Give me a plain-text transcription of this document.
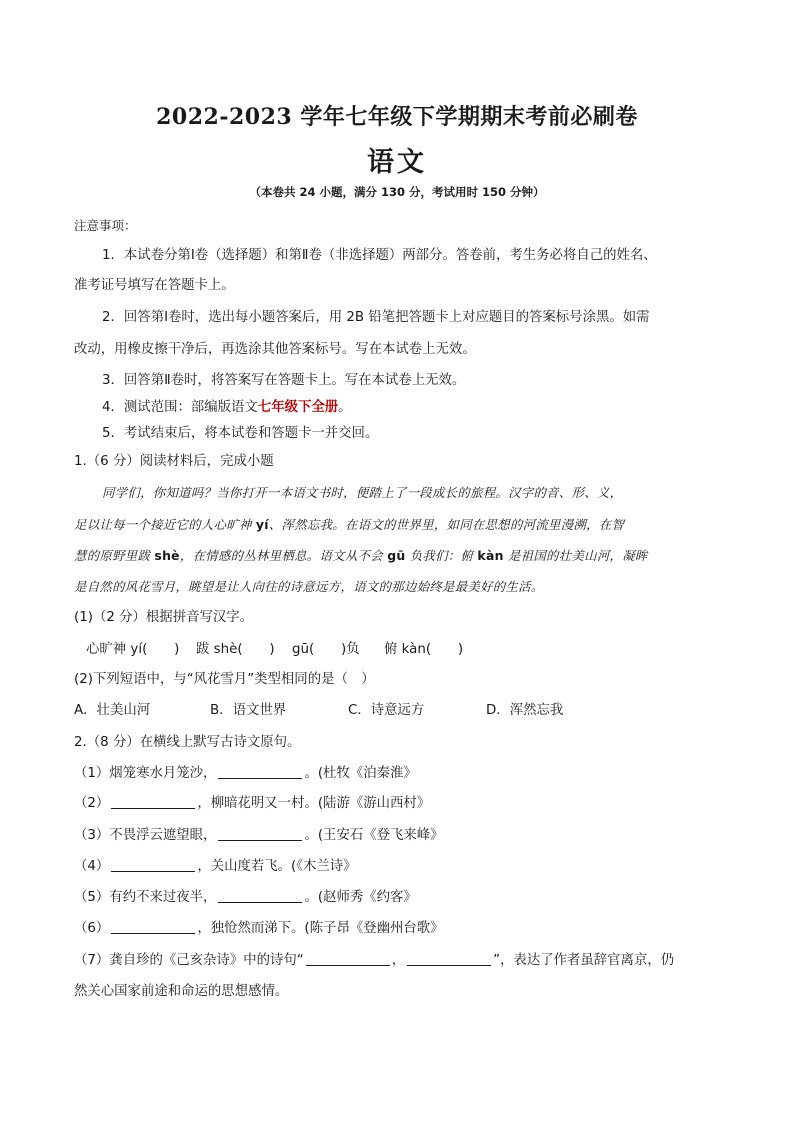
2022-2023 学年七年级下学期期末考前必刷卷
语文
（本卷共 24 小题，满分 130 分，考试用时 150 分钟）
注意事项：
1．本试卷分第Ⅰ卷（选择题）和第Ⅱ卷（非选择题）两部分。答卷前，考生务必将自己的姓名、
准考证号填写在答题卡上。
2．回答第Ⅰ卷时，选出每小题答案后，用 2B 铅笔把答题卡上对应题目的答案标号涂黑。如需
改动，用橡皮擦干净后，再选涂其他答案标号。写在本试卷上无效。
3．回答第Ⅱ卷时，将答案写在答题卡上。写在本试卷上无效。
4．测试范围：部编版语文七年级下全册。
5．考试结束后，将本试卷和答题卡一并交回。
1.（6 分）阅读材料后，完成小题
同学们，你知道吗？当你打开一本语文书时，便踏上了一段成长的旅程。汉字的音、形、义，
足以让每一个接近它的人心旷神 yí、浑然忘我。在语文的世界里，如同在思想的河流里漫溯，在智
慧的原野里跋 shè，在情感的丛林里栖息。语文从不会 gū 负我们：俯 kàn 是祖国的壮美山河，凝眸
是自然的风花雪月，眺望是让人向往的诗意远方，语文的那边始终是最美好的生活。
(1)（2 分）根据拼音写汉字。
心旷神 yí(　　) 跋 shè(　　) gū(　　)负 俯 kàn(　　)
(2)下列短语中，与“风花雪月”类型相同的是（　）
A．壮美山河	B．语文世界	C．诗意远方	D．浑然忘我
2.（8 分）在横线上默写古诗文原句。
（1）烟笼寒水月笼沙，	。(杜牧《泊秦淮》
（2）	，柳暗花明又一村。(陆游《游山西村》
（3）不畏浮云遮望眼，	。(王安石《登飞来峰》
（4）	，关山度若飞。(《木兰诗》
（5）有约不来过夜半，	。(赵师秀《约客》
（6）	，独怆然而涕下。(陈子昂《登幽州台歌》
（7）龚自珍的《己亥杂诗》中的诗句“	，	”，表达了作者虽辞官离京，仍
然关心国家前途和命运的思想感情。
